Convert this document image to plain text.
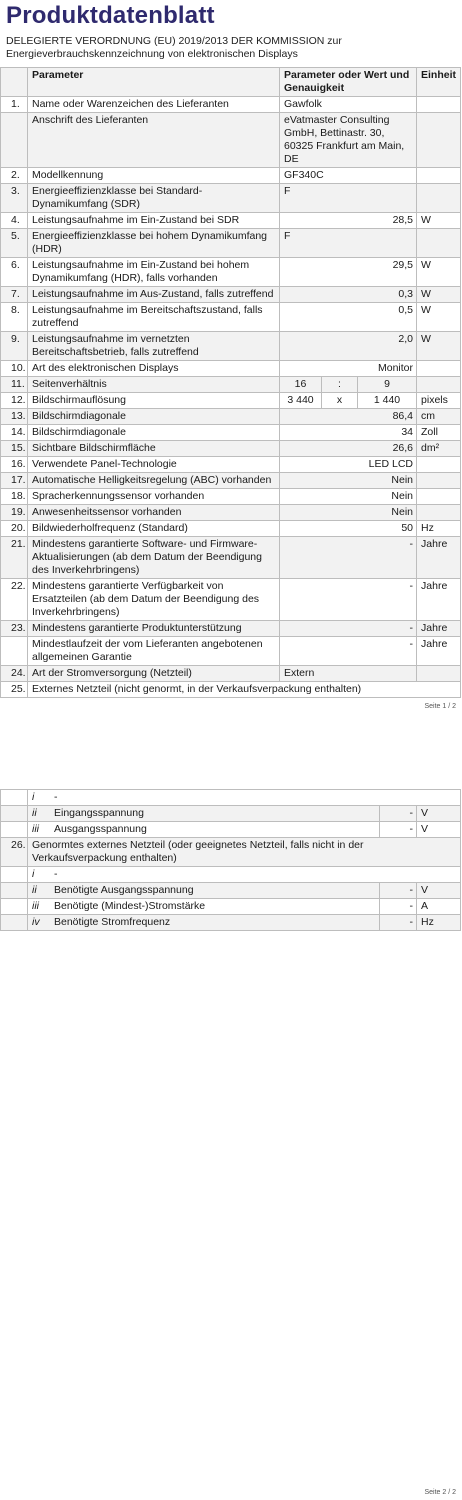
Produktdatenblatt
DELEGIERTE VERORDNUNG (EU) 2019/2013 DER KOMMISSION zur
Energieverbrauchskennzeichnung von elektronischen Displays
	Parameter	Parameter oder Wert und Genauigkeit			Einheit
1.	Name oder Warenzeichen des Lieferanten	Gawfolk			
	Anschrift des Lieferanten	eVatmaster Consulting GmbH, Bettinastr. 30, 60325 Frankfurt am Main, DE			
2.	Modellkennung	GF340C			
3.	Energieeffizienzklasse bei Standard-Dynamikumfang (SDR)	F			
4.	Leistungsaufnahme im Ein-Zustand bei SDR	28,5			W
5.	Energieeffizienzklasse bei hohem Dynamikumfang (HDR)	F			
6.	Leistungsaufnahme im Ein-Zustand bei hohem Dynamikumfang (HDR), falls vorhanden	29,5			W
7.	Leistungsaufnahme im Aus-Zustand, falls zutreffend	0,3			W
8.	Leistungsaufnahme im Bereitschaftszustand, falls zutreffend	0,5			W
9.	Leistungsaufnahme im vernetzten Bereitschaftsbetrieb, falls zutreffend	2,0			W
10.	Art des elektronischen Displays	Monitor			
11.	Seitenverhältnis	16	:	9	
12.	Bildschirmauflösung	3 440	x	1 440	pixels
13.	Bildschirmdiagonale	86,4			cm
14.	Bildschirmdiagonale	34			Zoll
15.	Sichtbare Bildschirmfläche	26,6			dm²
16.	Verwendete Panel-Technologie	LED LCD			
17.	Automatische Helligkeitsregelung (ABC) vorhanden	Nein			
18.	Spracherkennungssensor vorhanden	Nein			
19.	Anwesenheitssensor vorhanden	Nein			
20.	Bildwiederholfrequenz (Standard)	50			Hz
21.	Mindestens garantierte Software- und Firmware-Aktualisierungen (ab dem Datum der Beendigung des Inverkehrbringens)	-			Jahre
22.	Mindestens garantierte Verfügbarkeit von Ersatzteilen (ab dem Datum der Beendigung des Inverkehrbringens)	-			Jahre
23.	Mindestens garantierte Produktunterstützung	-			Jahre
	Mindestlaufzeit der vom Lieferanten angebotenen allgemeinen Garantie	-			Jahre
24.	Art der Stromversorgung (Netzteil)	Extern			
25.	Externes Netzteil (nicht genormt, in der Verkaufsverpackung enthalten)				
Seite 1 / 2
	i -		
	ii Eingangsspannung	-	V
	iii Ausgangsspannung	-	V
26.	Genormtes externes Netzteil (oder geeignetes Netzteil, falls nicht in der Verkaufsverpackung enthalten)		
	i -		
	ii Benötigte Ausgangsspannung	-	V
	iii Benötigte (Mindest-)Stromstärke	-	A
	iv Benötigte Stromfrequenz	-	Hz
Seite 2 / 2
